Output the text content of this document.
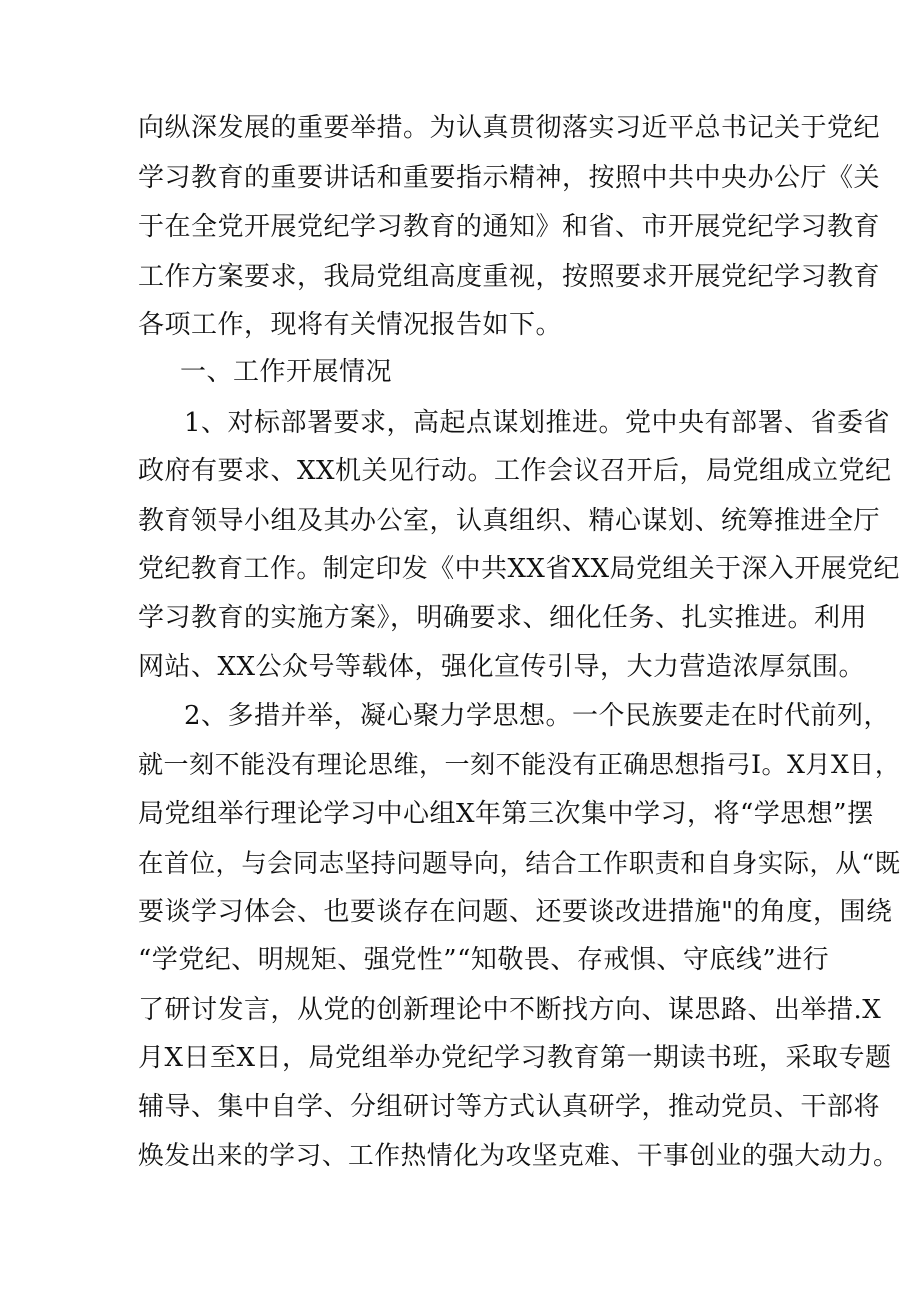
向纵深发展的重要举措。为认真贯彻落实习近平总书记关于党纪
学习教育的重要讲话和重要指示精神，按照中共中央办公厅《关
于在全党开展党纪学习教育的通知》和省、市开展党纪学习教育
工作方案要求，我局党组高度重视，按照要求开展党纪学习教育
各项工作，现将有关情况报告如下。
一、工作开展情况
1、对标部署要求，高起点谋划推进。党中央有部署、省委省
政府有要求、XX机关见行动。工作会议召开后，局党组成立党纪
教育领导小组及其办公室，认真组织、精心谋划、统筹推进全厅
党纪教育工作。制定印发《中共XX省XX局党组关于深入开展党纪
学习教育的实施方案》，明确要求、细化任务、扎实推进。利用
网站、XX公众号等载体，强化宣传引导，大力营造浓厚氛围。
2、多措并举，凝心聚力学思想。一个民族要走在时代前列，
就一刻不能没有理论思维，一刻不能没有正确思想指弓I。X月X日，
局党组举行理论学习中心组X年第三次集中学习，将“学思想”摆
在首位，与会同志坚持问题导向，结合工作职责和自身实际，从“既
要谈学习体会、也要谈存在问题、还要谈改进措施"的角度，围绕
“学党纪、明规矩、强党性”“知敬畏、存戒惧、守底线”进行
了研讨发言，从党的创新理论中不断找方向、谋思路、出举措.X
月X日至X日，局党组举办党纪学习教育第一期读书班，采取专题
辅导、集中自学、分组研讨等方式认真研学，推动党员、干部将
焕发出来的学习、工作热情化为攻坚克难、干事创业的强大动力。
